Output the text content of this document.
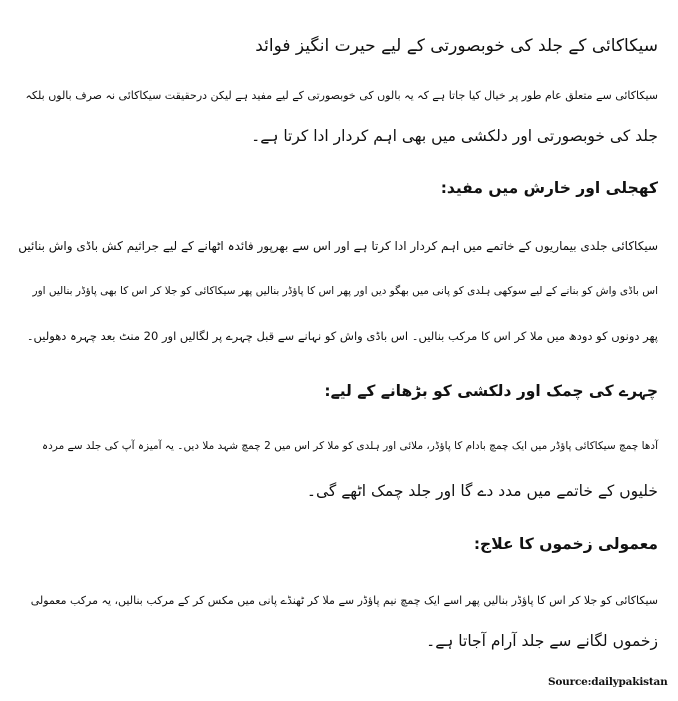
سیکاکائی کے جلد کی خوبصورتی کے لیے حیرت انگیز فوائد
سیکاکائی سے متعلق عام طور پر خیال کیا جاتا ہے کہ یہ بالوں کی خوبصورتی کے لیے مفید ہے لیکن درحقیقت سیکاکائی نہ صرف بالوں بلکہ
جلد کی خوبصورتی اور دلکشی میں بھی اہم کردار ادا کرتا ہے۔
کھجلی اور خارش میں مفید:
سیکاکائی جلدی بیماریوں کے خاتمے میں اہم کردار ادا کرتا ہے اور اس سے بھرپور فائدہ اٹھانے کے لیے جراثیم کش باڈی واش بنائیں
اس باڈی واش کو بنانے کے لیے سوکھی ہلدی کو پانی میں بھگو دیں اور پھر اس کا پاؤڈر بنالیں پھر سیکاکائی کو جلا کر اس کا بھی پاؤڈر بنالیں اور
پھر دونوں کو دودھ میں ملا کر اس کا مرکب بنالیں۔ اس باڈی واش کو نہانے سے قبل چہرے پر لگالیں اور 20 منٹ بعد چہرہ دھولیں۔
چہرے کی چمک اور دلکشی کو بڑھانے کے لیے:
آدھا چمچ سیکاکائی پاؤڈر میں ایک چمچ بادام کا پاؤڈر، ملائی اور ہلدی کو ملا کر اس میں 2 چمچ شہد ملا دیں۔ یہ آمیزہ آپ کی جلد سے مردہ
خلیوں کے خاتمے میں مدد دے گا اور جلد چمک اٹھے گی۔
معمولی زخموں کا علاج:
سیکاکائی کو جلا کر اس کا پاؤڈر بنالیں پھر اسے ایک چمچ نیم پاؤڈر سے ملا کر ٹھنڈے پانی میں مکس کر کے مرکب بنالیں، یہ مرکب معمولی
زخموں لگانے سے جلد آرام آجاتا ہے۔
Source:dailypakistan
